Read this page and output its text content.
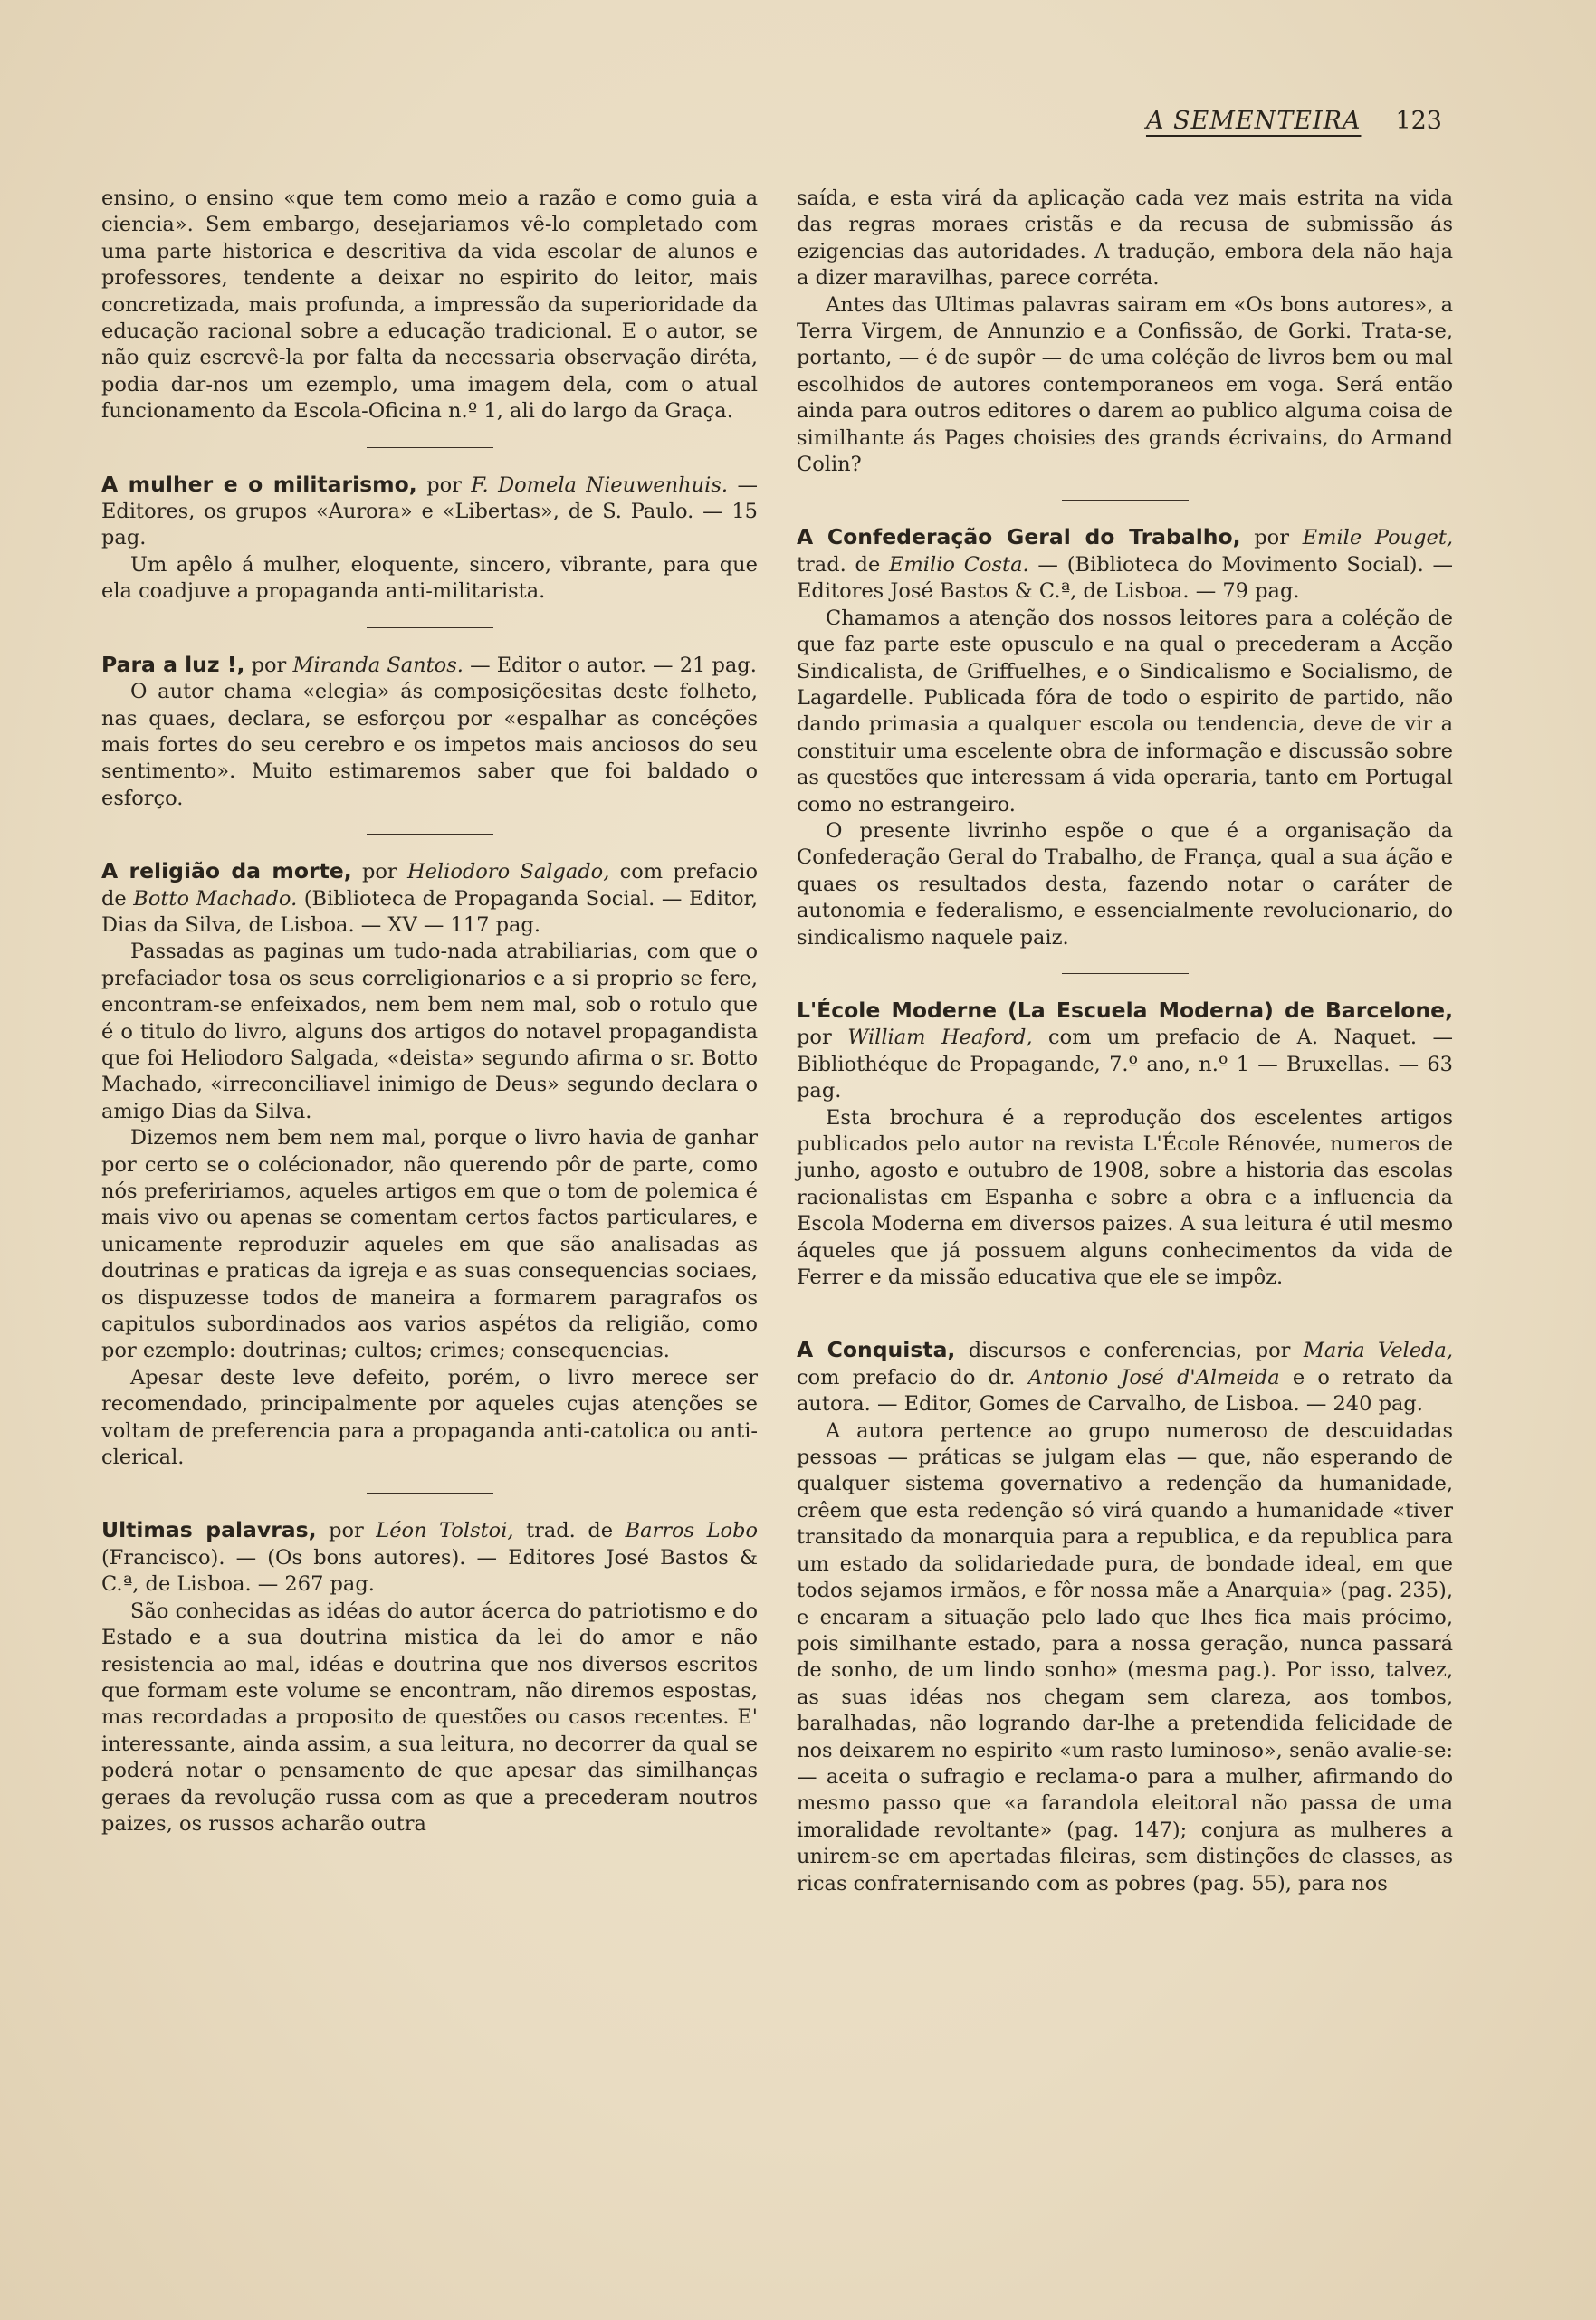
A SEMENTEIRA 123

ensino, o ensino «que tem como meio a razão e como guia a ciencia». Sem embargo, desejariamos vê-lo completado com uma parte historica e descritiva da vida escolar de alunos e professores, tendente a deixar no espirito do leitor, mais concretizada, mais profunda, a impressão da superioridade da educação racional sobre a educação tradicional. E o autor, se não quiz escrevê-la por falta da necessaria observação diréta, podia dar-nos um ezemplo, uma imagem dela, com o atual funcionamento da Escola-Oficina n.º 1, ali do largo da Graça.

A mulher e o militarismo, por F. Domela Nieuwenhuis. — Editores, os grupos «Aurora» e «Libertas», de S. Paulo. — 15 pag.

Um apêlo á mulher, eloquente, sincero, vibrante, para que ela coadjuve a propaganda anti-militarista.

Para a luz !, por Miranda Santos. — Editor o autor. — 21 pag.

O autor chama «elegia» ás composiçõesitas deste folheto, nas quaes, declara, se esforçou por «espalhar as concéções mais fortes do seu cerebro e os impetos mais anciosos do seu sentimento». Muito estimaremos saber que foi baldado o esforço.

A religião da morte, por Heliodoro Salgado, com prefacio de Botto Machado. (Biblioteca de Propaganda Social. — Editor, Dias da Silva, de Lisboa. — XV — 117 pag.

Passadas as paginas um tudo-nada atrabiliarias, com que o prefaciador tosa os seus correligionarios e a si proprio se fere, encontram-se enfeixados, nem bem nem mal, sob o rotulo que é o titulo do livro, alguns dos artigos do notavel propagandista que foi Heliodoro Salgada, «deista» segundo afirma o sr. Botto Machado, «irreconciliavel inimigo de Deus» segundo declara o amigo Dias da Silva.

Dizemos nem bem nem mal, porque o livro havia de ganhar por certo se o colécionador, não querendo pôr de parte, como nós prefeririamos, aqueles artigos em que o tom de polemica é mais vivo ou apenas se comentam certos factos particulares, e unicamente reproduzir aqueles em que são analisadas as doutrinas e praticas da igreja e as suas consequencias sociaes, os dispuzesse todos de maneira a formarem paragrafos os capitulos subordinados aos varios aspétos da religião, como por ezemplo: doutrinas; cultos; crimes; consequencias.

Apesar deste leve defeito, porém, o livro merece ser recomendado, principalmente por aqueles cujas atenções se voltam de preferencia para a propaganda anti-catolica ou anti-clerical.

Ultimas palavras, por Léon Tolstoi, trad. de Barros Lobo (Francisco). — (Os bons autores). — Editores José Bastos & C.ª, de Lisboa. — 267 pag.

São conhecidas as idéas do autor ácerca do patriotismo e do Estado e a sua doutrina mistica da lei do amor e não resistencia ao mal, idéas e doutrina que nos diversos escritos que formam este volume se encontram, não diremos espostas, mas recordadas a proposito de questões ou casos recentes. E' interessante, ainda assim, a sua leitura, no decorrer da qual se poderá notar o pensamento de que apesar das similhanças geraes da revolução russa com as que a precederam noutros paizes, os russos acharão outra

saída, e esta virá da aplicação cada vez mais estrita na vida das regras moraes cristãs e da recusa de submissão ás ezigencias das autoridades. A tradução, embora dela não haja a dizer maravilhas, parece corréta.

Antes das Ultimas palavras sairam em «Os bons autores», a Terra Virgem, de Annunzio e a Confissão, de Gorki. Trata-se, portanto, — é de supôr — de uma coléção de livros bem ou mal escolhidos de autores contemporaneos em voga. Será então ainda para outros editores o darem ao publico alguma coisa de similhante ás Pages choisies des grands écrivains, do Armand Colin?

A Confederação Geral do Trabalho, por Emile Pouget, trad. de Emilio Costa. — (Biblioteca do Movimento Social). — Editores José Bastos & C.ª, de Lisboa. — 79 pag.

Chamamos a atenção dos nossos leitores para a coléção de que faz parte este opusculo e na qual o precederam a Acção Sindicalista, de Griffuelhes, e o Sindicalismo e Socialismo, de Lagardelle. Publicada fóra de todo o espirito de partido, não dando primasia a qualquer escola ou tendencia, deve de vir a constituir uma escelente obra de informação e discussão sobre as questões que interessam á vida operaria, tanto em Portugal como no estrangeiro.

O presente livrinho espõe o que é a organisação da Confederação Geral do Trabalho, de França, qual a sua áção e quaes os resultados desta, fazendo notar o caráter de autonomia e federalismo, e essencialmente revolucionario, do sindicalismo naquele paiz.

L'École Moderne (La Escuela Moderna) de Barcelone, por William Heaford, com um prefacio de A. Naquet. — Bibliothéque de Propagande, 7.º ano, n.º 1 — Bruxellas. — 63 pag.

Esta brochura é a reprodução dos escelentes artigos publicados pelo autor na revista L'École Rénovée, numeros de junho, agosto e outubro de 1908, sobre a historia das escolas racionalistas em Espanha e sobre a obra e a influencia da Escola Moderna em diversos paizes. A sua leitura é util mesmo áqueles que já possuem alguns conhecimentos da vida de Ferrer e da missão educativa que ele se impôz.

A Conquista, discursos e conferencias, por Maria Veleda, com prefacio do dr. Antonio José d'Almeida e o retrato da autora. — Editor, Gomes de Carvalho, de Lisboa. — 240 pag.

A autora pertence ao grupo numeroso de descuidadas pessoas — práticas se julgam elas — que, não esperando de qualquer sistema governativo a redenção da humanidade, crêem que esta redenção só virá quando a humanidade «tiver transitado da monarquia para a republica, e da republica para um estado da solidariedade pura, de bondade ideal, em que todos sejamos irmãos, e fôr nossa mãe a Anarquia» (pag. 235), e encaram a situação pelo lado que lhes fica mais prócimo, pois similhante estado, para a nossa geração, nunca passará de sonho, de um lindo sonho» (mesma pag.). Por isso, talvez, as suas idéas nos chegam sem clareza, aos tombos, baralhadas, não logrando dar-lhe a pretendida felicidade de nos deixarem no espirito «um rasto luminoso», senão avalie-se: — aceita o sufragio e reclama-o para a mulher, afirmando do mesmo passo que «a farandola eleitoral não passa de uma imoralidade revoltante» (pag. 147); conjura as mulheres a unirem-se em apertadas fileiras, sem distinções de classes, as ricas confraternisando com as pobres (pag. 55), para nos
